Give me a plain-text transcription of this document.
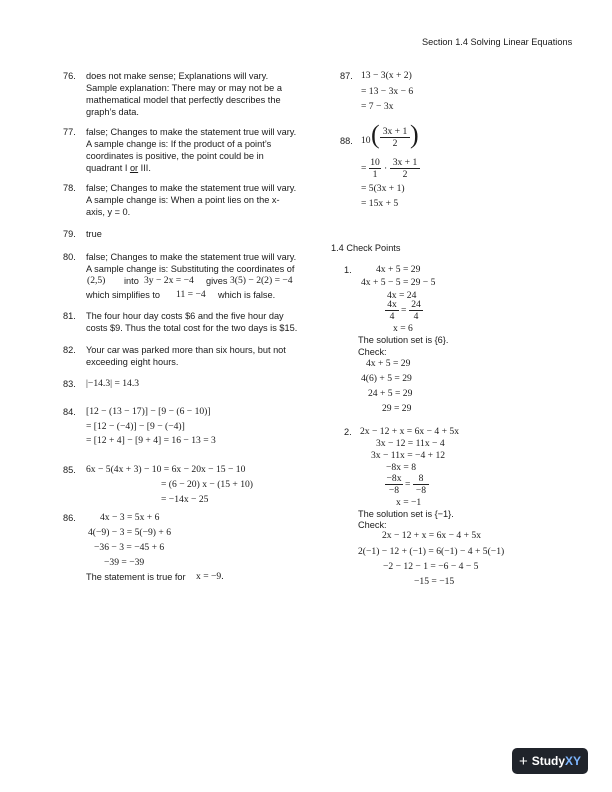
Section 1.4 Solving Linear Equations
76. does not make sense; Explanations will vary. Sample explanation: There may or may not be a mathematical model that perfectly describes the graph’s data.
77. false; Changes to make the statement true will vary. A sample change is: If the product of a point’s coordinates is positive, the point could be in quadrant I or III.
78. false; Changes to make the statement true will vary. A sample change is: When a point lies on the x-axis, y = 0.
79. true
80. false; Changes to make the statement true will vary. A sample change is: Substituting the coordinates of
(2,5) into 3y − 2x = −4 gives 3(5) − 2(2) = −4
which simplifies to 11 = −4 which is false.
81. The four hour day costs $6 and the five hour day costs $9. Thus the total cost for the two days is $15.
82. Your car was parked more than six hours, but not exceeding eight hours.
83. |−14.3| = 14.3
84. [12 − (13 − 17)] − [9 − (6 − 10)]
= [12 − (−4)] − [9 − (−4)]
= [12 + 4] − [9 + 4] = 16 − 13 = 3
85. 6x − 5(4x + 3) − 10 = 6x − 20x − 15 − 10
= (6 − 20) x − (15 + 10)
= −14x − 25
86.	4x − 3 = 5x + 6
4(−9) − 3 = 5(−9) + 6
−36 − 3 = −45 + 6
−39 = −39
The statement is true for x = −9.
87. 13 − 3(x + 2)
= 13 − 3x − 6
= 7 − 3x
88. 10 ( 3x + 1
2 )
=
10
1
·
3x + 1
2
= 5(3x + 1)
= 15x + 5
1.4 Check Points
1.	4x + 5 = 29
4x + 5 − 5 = 29 − 5
4x = 24
4x
4
=
24
4
x = 6
The solution set is {6}.
Check:
4x + 5 = 29
4(6) + 5 = 29
24 + 5 = 29
29 = 29
2. 2x − 12 + x = 6x − 4 + 5x
3x − 12 = 11x − 4
3x − 11x = −4 + 12
−8x = 8
−8x
−8
=
8
−8
x = −1
The solution set is {−1}.
Check:
2x − 12 + x = 6x − 4 + 5x
2(−1) − 12 + (−1) = 6(−1) − 4 + 5(−1)
−2 − 12 − 1 = −6 − 4 − 5
−15 = −15
+ StudyXY
